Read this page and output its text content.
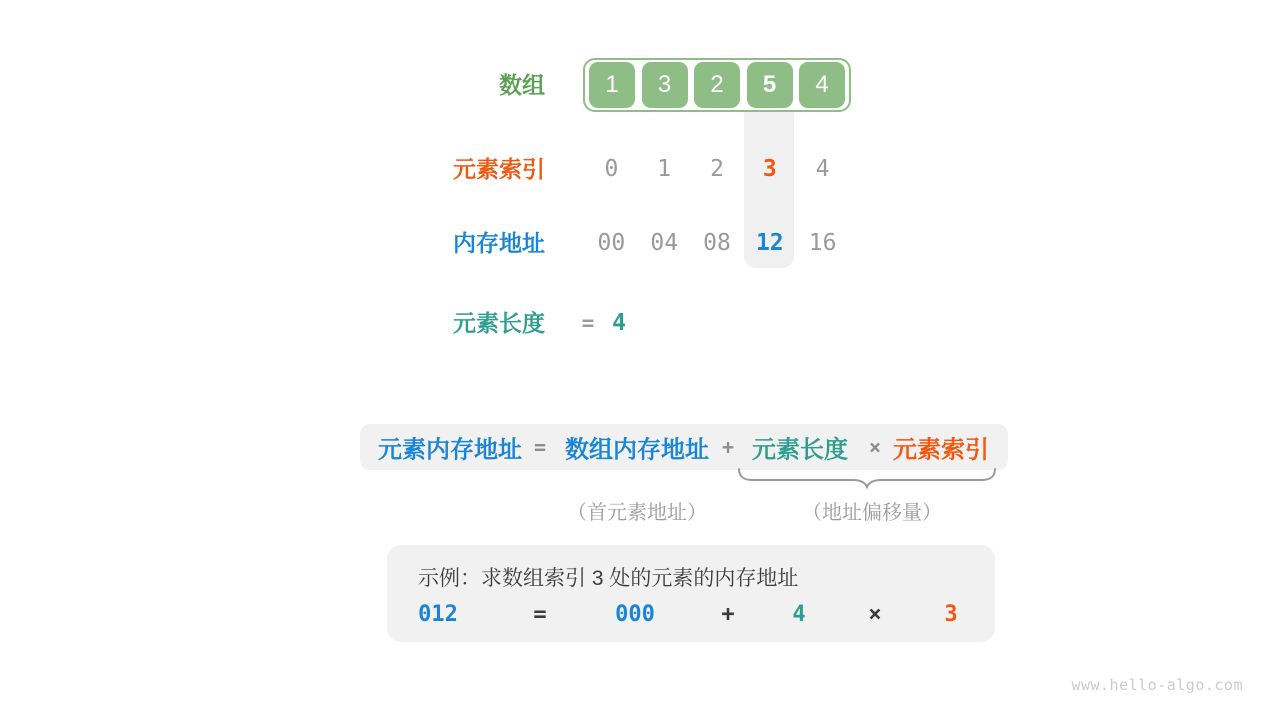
数组	1	3	2	5	4
元素索引	0	1	2	3	4
内存地址	00	04	08	12	16
元素长度 = 4
元素内存地址 = 数组内存地址 + 元素长度 × 元素索引
（首元素地址）	（地址偏移量）
示例：求数组索引 3 处的元素的内存地址
012	=	000	+	4	×	3
www.hello-algo.com
